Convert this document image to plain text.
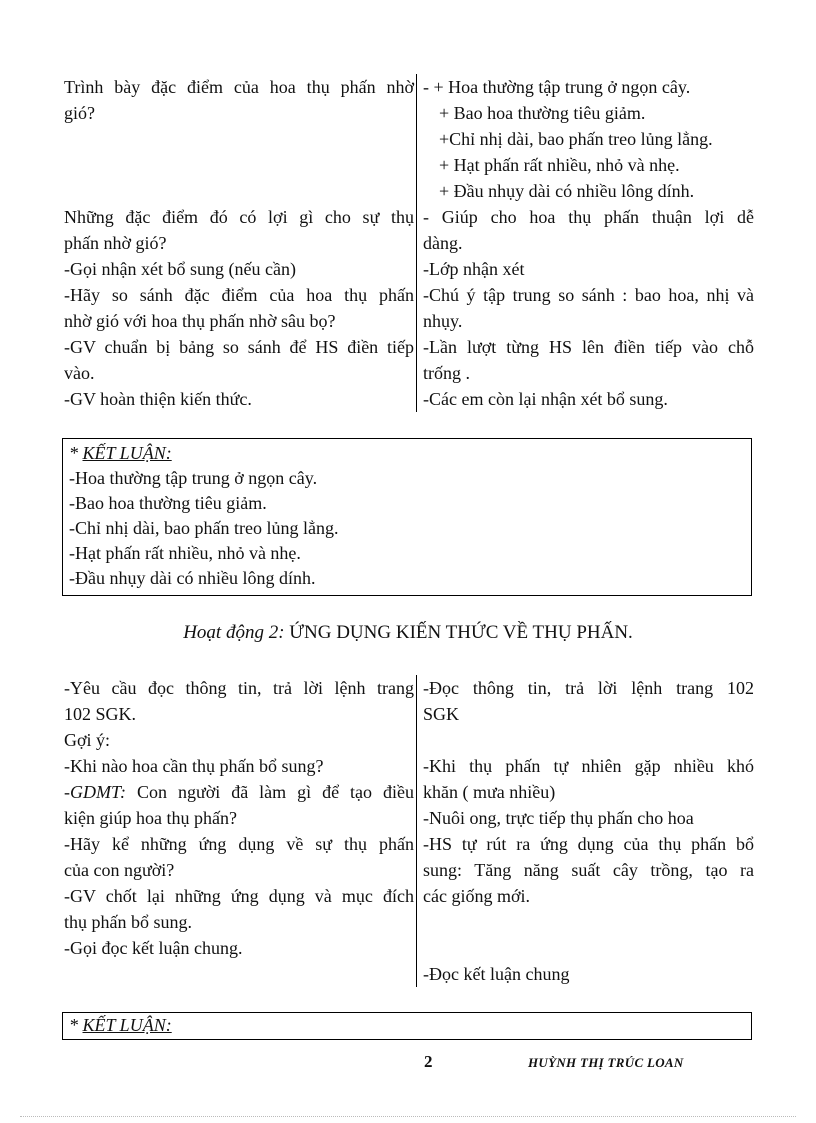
Trình bày đặc điểm của hoa thụ phấn nhờ
gió?
Những đặc điểm đó có lợi gì cho sự thụ
phấn nhờ gió?
-Gọi nhận xét bổ sung (nếu cần)
-Hãy so sánh đặc điểm của hoa thụ phấn
nhờ gió với hoa thụ phấn nhờ sâu bọ?
-GV chuẩn bị bảng so sánh để HS điền tiếp
vào.
-GV hoàn thiện kiến thức.
- + Hoa thường tập trung ở ngọn cây.
+ Bao hoa thường tiêu giảm.
+Chỉ nhị dài, bao phấn treo lủng lẳng.
+ Hạt phấn rất nhiều, nhỏ và nhẹ.
+ Đầu nhụy dài có nhiều lông dính.
- Giúp cho hoa thụ phấn thuận lợi dễ
dàng.
-Lớp nhận xét
-Chú ý tập trung so sánh : bao hoa, nhị và
nhụy.
-Lần lượt từng HS lên điền tiếp vào chỗ
trống .
-Các em còn lại nhận xét bổ sung.
* KẾT LUẬN:
-Hoa thường tập trung ở ngọn cây.
-Bao hoa thường tiêu giảm.
-Chỉ nhị dài, bao phấn treo lủng lẳng.
-Hạt phấn rất nhiều, nhỏ và nhẹ.
-Đầu nhụy dài có nhiều lông dính.
Hoạt động 2: ỨNG DỤNG KIẾN THỨC VỀ THỤ PHẤN.
-Yêu cầu đọc thông tin, trả lời lệnh trang
102 SGK.
Gợi ý:
-Khi nào hoa cần thụ phấn bổ sung?
-GDMT: Con người đã làm gì để tạo điều
kiện giúp hoa thụ phấn?
-Hãy kể những ứng dụng về sự thụ phấn
của con người?
-GV chốt lại những ứng dụng và mục đích
thụ phấn bổ sung.
-Gọi đọc kết luận chung.
-Đọc thông tin, trả lời lệnh trang 102
SGK
-Khi thụ phấn tự nhiên gặp nhiều khó
khăn ( mưa nhiều)
-Nuôi ong, trực tiếp thụ phấn cho hoa
-HS tự rút ra ứng dụng của thụ phấn bổ
sung: Tăng năng suất cây trồng, tạo ra
các giống mới.
-Đọc kết luận chung
* KẾT LUẬN:
2	HUỲNH THỊ TRÚC LOAN
